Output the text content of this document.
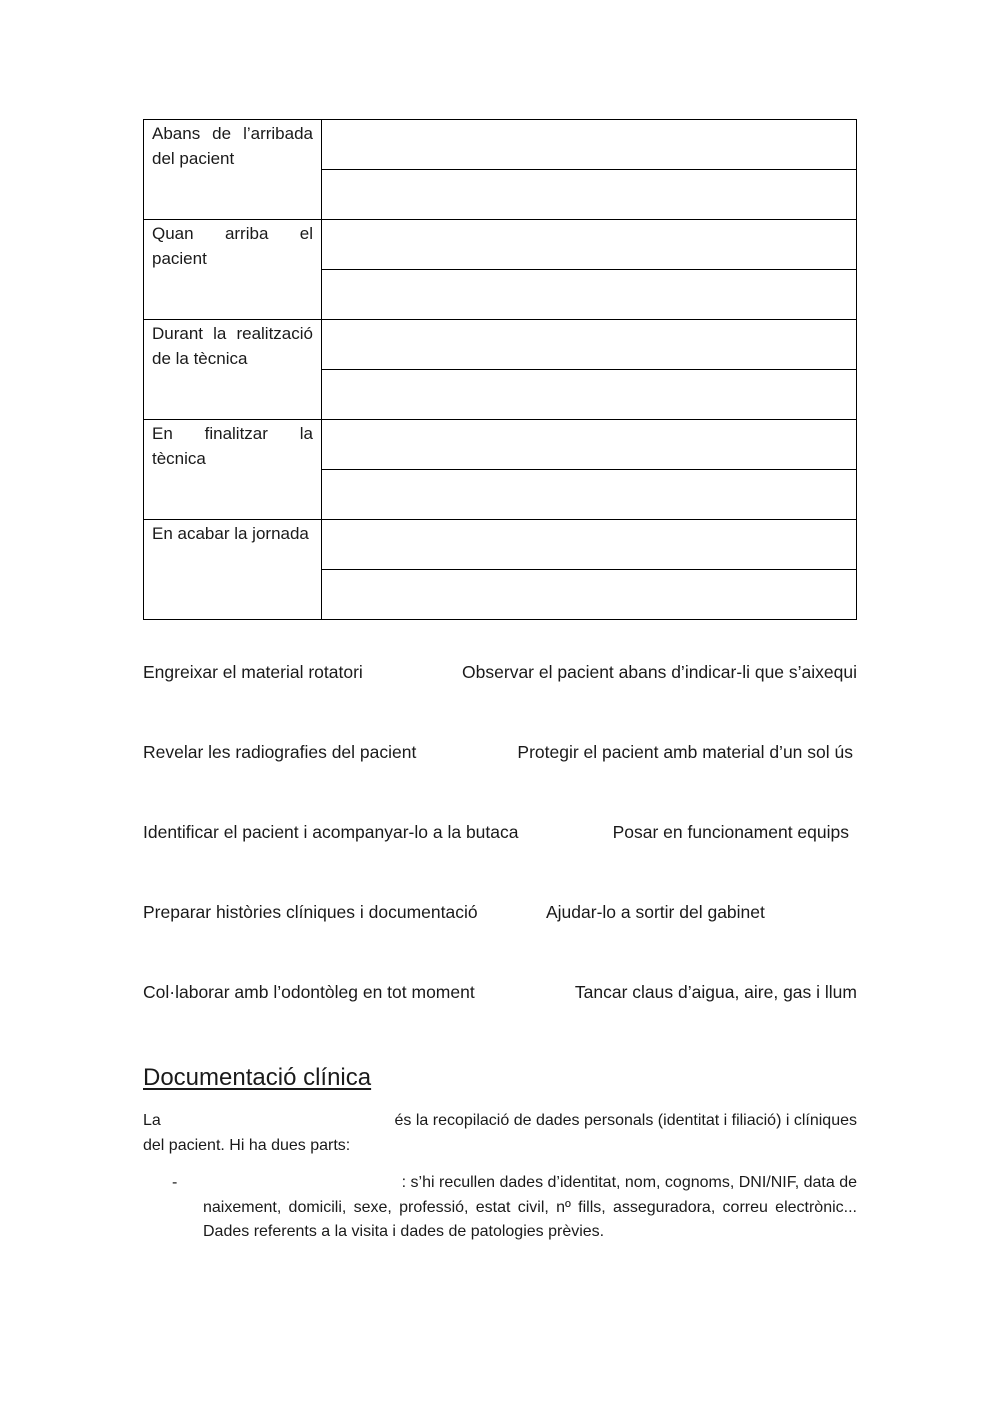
Abans de l’arribada del pacient	

Quan arriba el pacient	

Durant la realització de la tècnica	

En finalitzar la tècnica	

En acabar la jornada	

Engreixar el material rotatori	Observar el pacient abans d’indicar-li que s’aixequi
Revelar les radiografies del pacient	Protegir el pacient amb material d’un sol ús
Identificar el pacient i acompanyar-lo a la butaca	Posar en funcionament equips
Preparar històries clíniques i documentació	Ajudar-lo a sortir del gabinet
Col·laborar amb l’odontòleg en tot moment	Tancar claus d’aigua, aire, gas i llum
Documentació clínica
La	és la recopilació de dades personals (identitat i filiació) i clíniques
del pacient. Hi ha dues parts:
-	: s’hi recullen dades d’identitat, nom, cognoms, DNI/NIF, data de
naixement, domicili, sexe, professió, estat civil, nº fills, asseguradora, correu electrònic... Dades referents a la visita i dades de patologies prèvies.
